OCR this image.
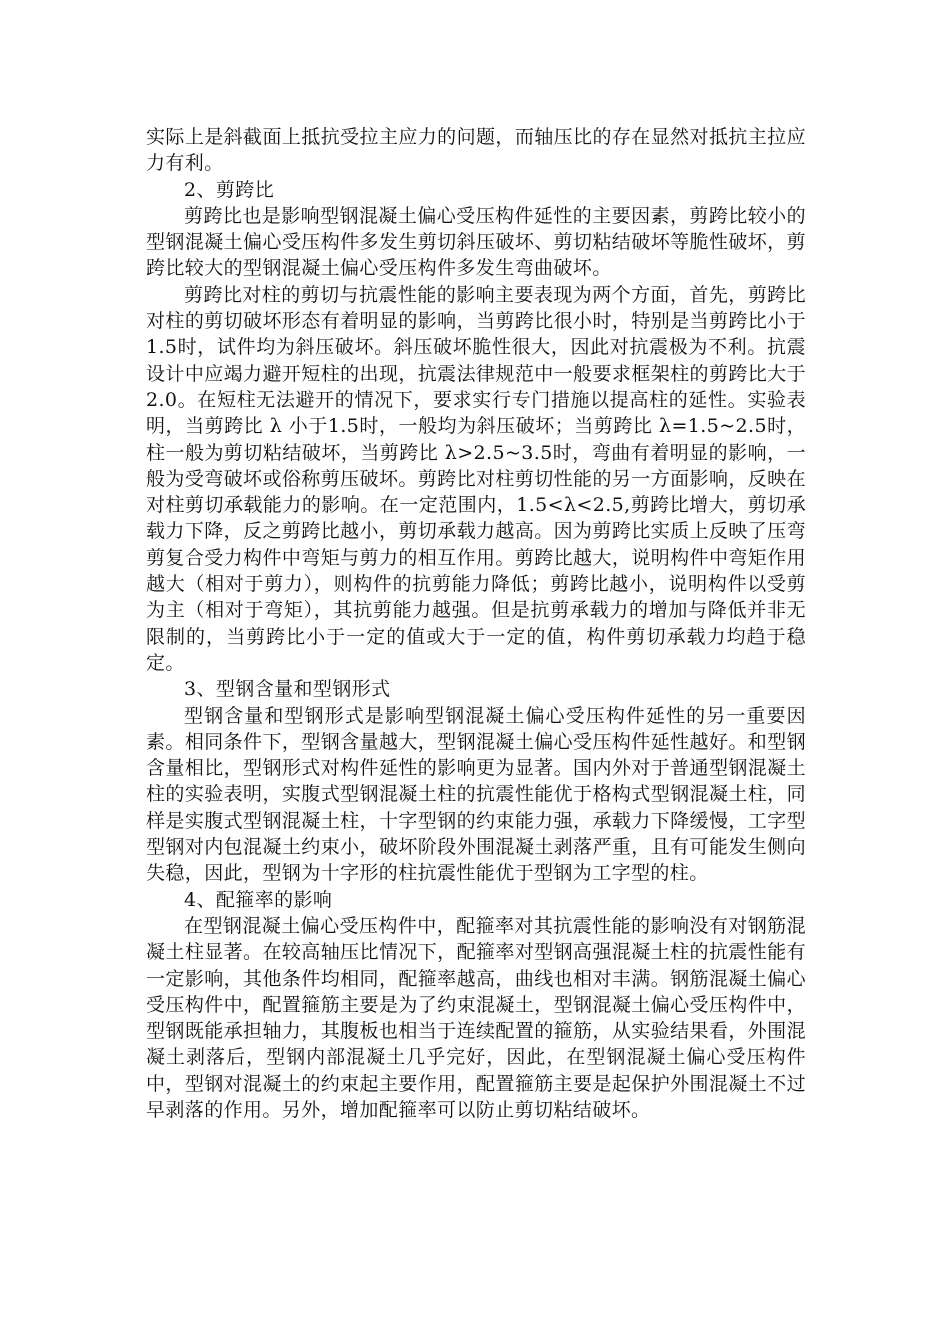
实际上是斜截面上抵抗受拉主应力的问题，而轴压比的存在显然对抵抗主拉应力有利。

2、剪跨比

剪跨比也是影响型钢混凝土偏心受压构件延性的主要因素，剪跨比较小的型钢混凝土偏心受压构件多发生剪切斜压破坏、剪切粘结破坏等脆性破坏，剪跨比较大的型钢混凝土偏心受压构件多发生弯曲破坏。

剪跨比对柱的剪切与抗震性能的影响主要表现为两个方面，首先，剪跨比对柱的剪切破坏形态有着明显的影响，当剪跨比很小时，特别是当剪跨比小于1.5时，试件均为斜压破坏。斜压破坏脆性很大，因此对抗震极为不利。抗震设计中应竭力避开短柱的出现，抗震法律规范中一般要求框架柱的剪跨比大于2.0。在短柱无法避开的情况下，要求实行专门措施以提高柱的延性。实验表明，当剪跨比 λ 小于1.5时，一般均为斜压破坏；当剪跨比 λ=1.5~2.5时，柱一般为剪切粘结破坏，当剪跨比 λ>2.5~3.5时，弯曲有着明显的影响，一般为受弯破坏或俗称剪压破坏。剪跨比对柱剪切性能的另一方面影响，反映在对柱剪切承载能力的影响。在一定范围内，1.5<λ<2.5,剪跨比增大，剪切承载力下降，反之剪跨比越小，剪切承载力越高。因为剪跨比实质上反映了压弯剪复合受力构件中弯矩与剪力的相互作用。剪跨比越大，说明构件中弯矩作用越大（相对于剪力），则构件的抗剪能力降低；剪跨比越小，说明构件以受剪为主（相对于弯矩），其抗剪能力越强。但是抗剪承载力的增加与降低并非无限制的，当剪跨比小于一定的值或大于一定的值，构件剪切承载力均趋于稳定。

3、型钢含量和型钢形式

型钢含量和型钢形式是影响型钢混凝土偏心受压构件延性的另一重要因素。相同条件下，型钢含量越大，型钢混凝土偏心受压构件延性越好。和型钢含量相比，型钢形式对构件延性的影响更为显著。国内外对于普通型钢混凝土柱的实验表明，实腹式型钢混凝土柱的抗震性能优于格构式型钢混凝土柱，同样是实腹式型钢混凝土柱，十字型钢的约束能力强，承载力下降缓慢，工字型型钢对内包混凝土约束小，破坏阶段外围混凝土剥落严重，且有可能发生侧向失稳，因此，型钢为十字形的柱抗震性能优于型钢为工字型的柱。

4、配箍率的影响

在型钢混凝土偏心受压构件中，配箍率对其抗震性能的影响没有对钢筋混凝土柱显著。在较高轴压比情况下，配箍率对型钢高强混凝土柱的抗震性能有一定影响，其他条件均相同，配箍率越高，曲线也相对丰满。钢筋混凝土偏心受压构件中，配置箍筋主要是为了约束混凝土，型钢混凝土偏心受压构件中，型钢既能承担轴力，其腹板也相当于连续配置的箍筋，从实验结果看，外围混凝土剥落后，型钢内部混凝土几乎完好，因此，在型钢混凝土偏心受压构件中，型钢对混凝土的约束起主要作用，配置箍筋主要是起保护外围混凝土不过早剥落的作用。另外，增加配箍率可以防止剪切粘结破坏。
